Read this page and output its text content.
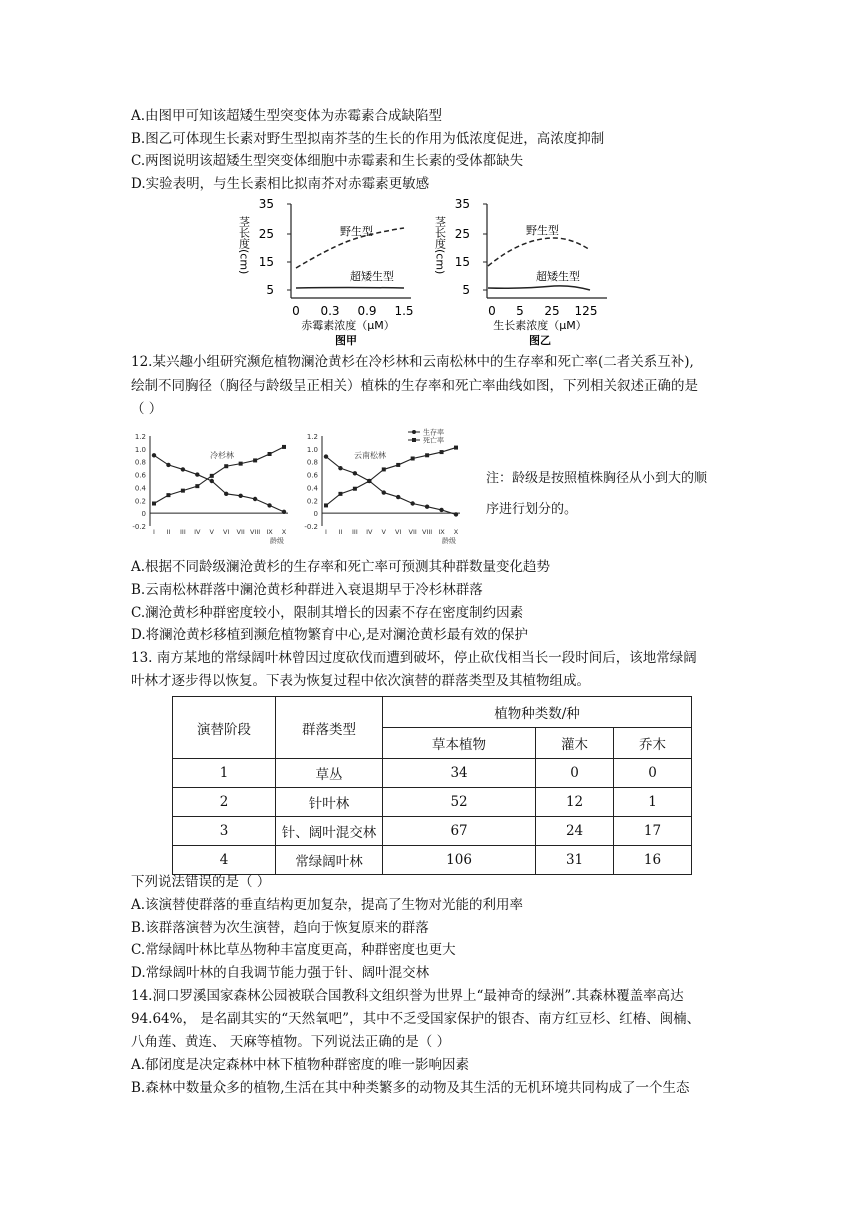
A.由图甲可知该超矮生型突变体为赤霉素合成缺陷型
B.图乙可体现生长素对野生型拟南芥茎的生长的作用为低浓度促进，高浓度抑制
C.两图说明该超矮生型突变体细胞中赤霉素和生长素的受体都缺失
D.实验表明，与生长素相比拟南芥对赤霉素更敏感
茎长度(cm)
35
25
15
5
0 0.3 0.9 1.5
野生型
超矮生型
赤霉素浓度（μM）
图甲
茎长度(cm)
35
25
15
5
0 5 25 125
野生型
超矮生型
生长素浓度（μM）
图乙
12.某兴趣小组研究濒危植物澜沧黄杉在冷杉林和云南松林中的生存率和死亡率(二者关系互补),
绘制不同胸径（胸径与龄级呈正相关）植株的生存率和死亡率曲线如图，下列相关叙述正确的是
（ ）
1.2
1.0
0.8
0.6
0.4
0.2
0
-0.2
I II III IV V VI VII VIII IX X
龄级
冷杉林
1.2
1.0
0.8
0.6
0.4
0.2
0
-0.2
I II III IV V VI VII VIII IX X
龄级
云南松林
生存率
死亡率
注：龄级是按照植株胸径从小到大的顺
序进行划分的。
A.根据不同龄级澜沧黄杉的生存率和死亡率可预测其种群数量变化趋势
B.云南松林群落中澜沧黄杉种群进入衰退期早于冷杉林群落
C.澜沧黄杉种群密度较小，限制其增长的因素不存在密度制约因素
D.将澜沧黄杉移植到濒危植物繁育中心,是对澜沧黄杉最有效的保护
13. 南方某地的常绿阔叶林曾因过度砍伐而遭到破坏，停止砍伐相当长一段时间后，该地常绿阔
叶林才逐步得以恢复。下表为恢复过程中依次演替的群落类型及其植物组成。
演替阶段	群落类型	植物种类数/种		
		草本植物	灌木	乔木
1	草丛	34	0	0
2	针叶林	52	12	1
3	针、阔叶混交林	67	24	17
4	常绿阔叶林	106	31	16
下列说法错误的是（ ）
A.该演替使群落的垂直结构更加复杂，提高了生物对光能的利用率
B.该群落演替为次生演替，趋向于恢复原来的群落
C.常绿阔叶林比草丛物种丰富度更高，种群密度也更大
D.常绿阔叶林的自我调节能力强于针、阔叶混交林
14.洞口罗溪国家森林公园被联合国教科文组织誉为世界上“最神奇的绿洲”.其森林覆盖率高达
94.64%， 是名副其实的“天然氧吧”，其中不乏受国家保护的银杏、南方红豆杉、红椿、闽楠、
八角莲、黄连、 天麻等植物。下列说法正确的是（ ）
A.郁闭度是决定森林中林下植物种群密度的唯一影响因素
B.森林中数量众多的植物,生活在其中种类繁多的动物及其生活的无机环境共同构成了一个生态
